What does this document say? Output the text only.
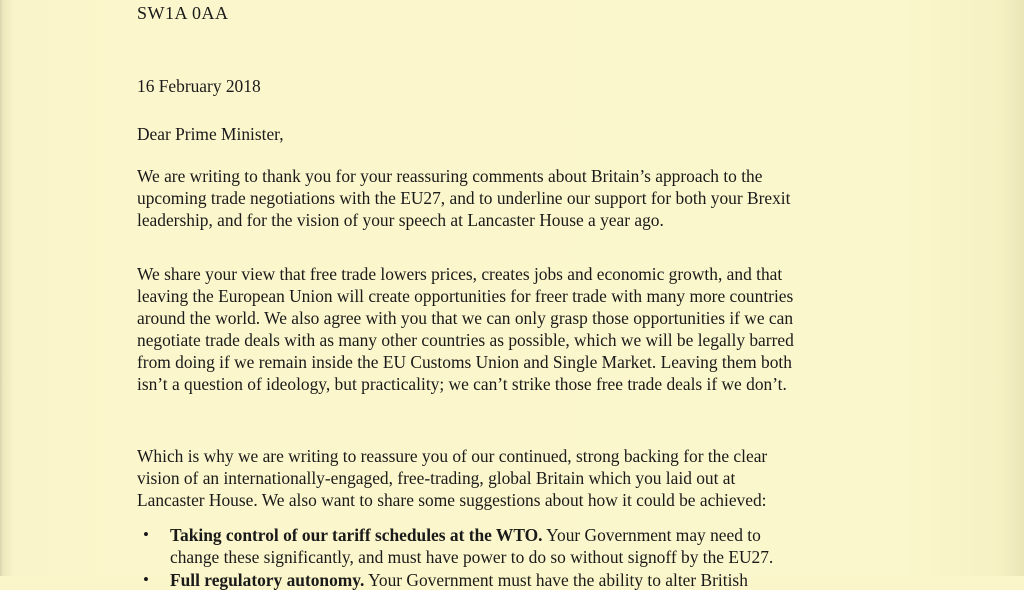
SW1A 0AA
16 February 2018
Dear Prime Minister,
We are writing to thank you for your reassuring comments about Britain’s approach to the
upcoming trade negotiations with the EU27, and to underline our support for both your Brexit
leadership, and for the vision of your speech at Lancaster House a year ago.
We share your view that free trade lowers prices, creates jobs and economic growth, and that
leaving the European Union will create opportunities for freer trade with many more countries
around the world. We also agree with you that we can only grasp those opportunities if we can
negotiate trade deals with as many other countries as possible, which we will be legally barred
from doing if we remain inside the EU Customs Union and Single Market. Leaving them both
isn’t a question of ideology, but practicality; we can’t strike those free trade deals if we don’t.
Which is why we are writing to reassure you of our continued, strong backing for the clear
vision of an internationally-engaged, free-trading, global Britain which you laid out at
Lancaster House. We also want to share some suggestions about how it could be achieved:
• Taking control of our tariff schedules at the WTO. Your Government may need to
change these significantly, and must have power to do so without signoff by the EU27.
• Full regulatory autonomy. Your Government must have the ability to alter British
